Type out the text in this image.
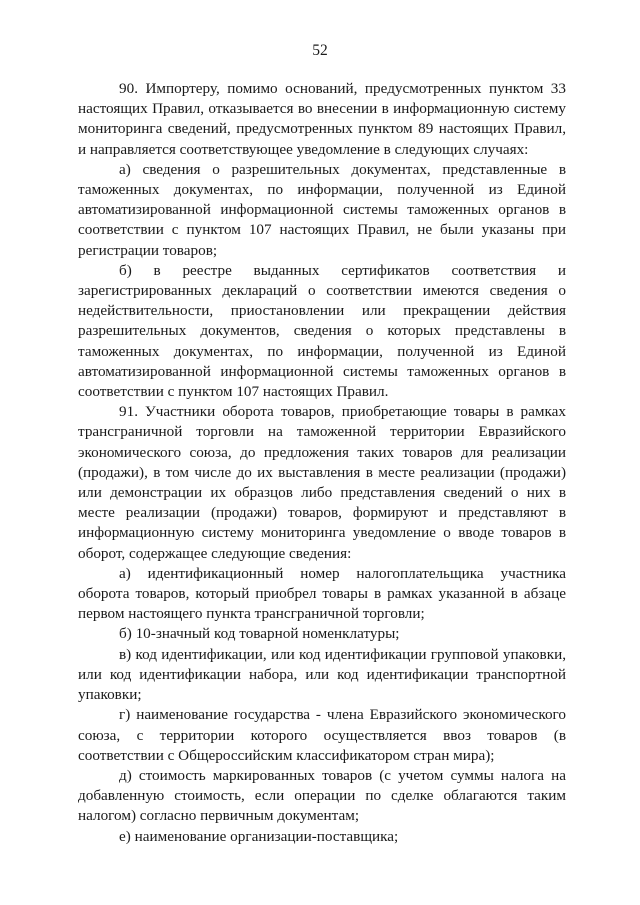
52

90. Импортеру, помимо оснований, предусмотренных пунктом 33 настоящих Правил, отказывается во внесении в информационную систему мониторинга сведений, предусмотренных пунктом 89 настоящих Правил, и направляется соответствующее уведомление в следующих случаях:

а) сведения о разрешительных документах, представленные в таможенных документах, по информации, полученной из Единой автоматизированной информационной системы таможенных органов в соответствии с пунктом 107 настоящих Правил, не были указаны при регистрации товаров;

б) в реестре выданных сертификатов соответствия и зарегистрированных деклараций о соответствии имеются сведения о недействительности, приостановлении или прекращении действия разрешительных документов, сведения о которых представлены в таможенных документах, по информации, полученной из Единой автоматизированной информационной системы таможенных органов в соответствии с пунктом 107 настоящих Правил.

91. Участники оборота товаров, приобретающие товары в рамках трансграничной торговли на таможенной территории Евразийского экономического союза, до предложения таких товаров для реализации (продажи), в том числе до их выставления в месте реализации (продажи) или демонстрации их образцов либо представления сведений о них в месте реализации (продажи) товаров, формируют и представляют в информационную систему мониторинга уведомление о вводе товаров в оборот, содержащее следующие сведения:

а) идентификационный номер налогоплательщика участника оборота товаров, который приобрел товары в рамках указанной в абзаце первом настоящего пункта трансграничной торговли;

б) 10-значный код товарной номенклатуры;

в) код идентификации, или код идентификации групповой упаковки, или код идентификации набора, или код идентификации транспортной упаковки;

г) наименование государства - члена Евразийского экономического союза, с территории которого осуществляется ввоз товаров (в соответствии с Общероссийским классификатором стран мира);

д) стоимость маркированных товаров (с учетом суммы налога на добавленную стоимость, если операции по сделке облагаются таким налогом) согласно первичным документам;

е) наименование организации-поставщика;
